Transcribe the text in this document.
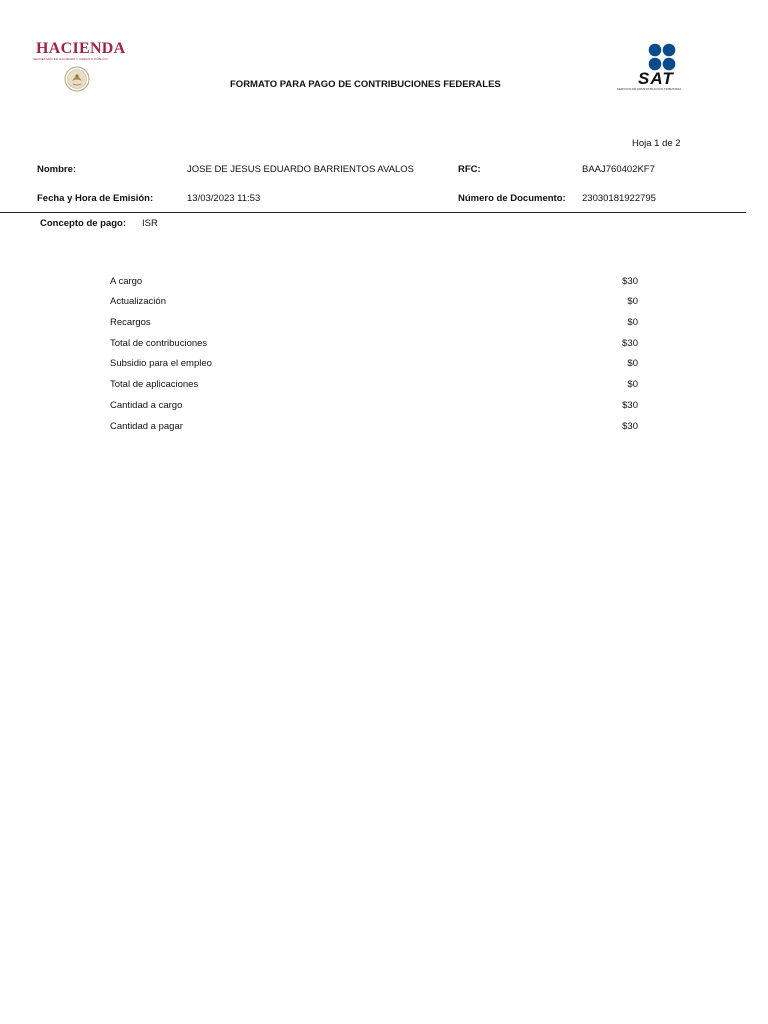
HACIENDA
SECRETARÍA DE HACIENDA Y CRÉDITO PÚBLICO
FORMATO PARA PAGO DE CONTRIBUCIONES FEDERALES	SAT
SERVICIO DE ADMINISTRACIÓN TRIBUTARIA
Hoja 1 de 2
Nombre:	JOSE DE JESUS EDUARDO BARRIENTOS AVALOS	RFC:	BAAJ760402KF7
Fecha y Hora de Emisión:	13/03/2023 11:53	Número de Documento: 23030181922795
Concepto de pago: ISR
A cargo	$30
Actualización	$0
Recargos	$0
Total de contribuciones	$30
Subsidio para el empleo	$0
Total de aplicaciones	$0
Cantidad a cargo	$30
Cantidad a pagar	$30
